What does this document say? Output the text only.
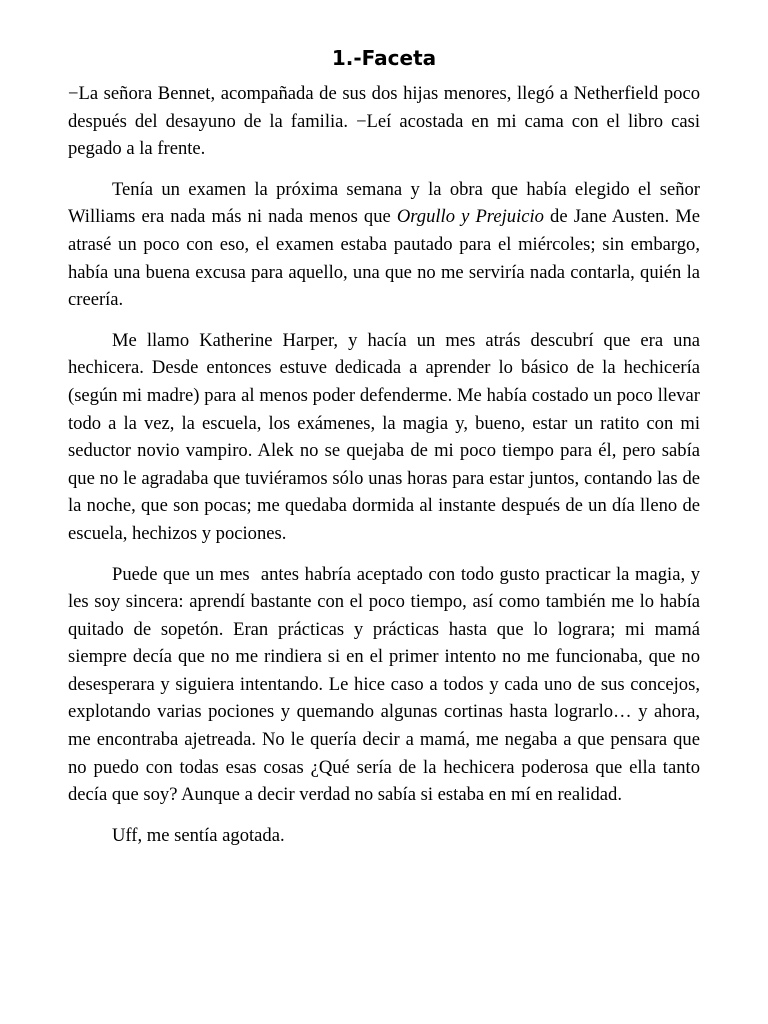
1.-Faceta

−La señora Bennet, acompañada de sus dos hijas menores, llegó a Netherfield poco después del desayuno de la familia. −Leí acostada en mi cama con el libro casi pegado a la frente.

Tenía un examen la próxima semana y la obra que había elegido el señor Williams era nada más ni nada menos que Orgullo y Prejuicio de Jane Austen. Me atrasé un poco con eso, el examen estaba pautado para el miércoles; sin embargo, había una buena excusa para aquello, una que no me serviría nada contarla, quién la creería.

Me llamo Katherine Harper, y hacía un mes atrás descubrí que era una hechicera. Desde entonces estuve dedicada a aprender lo básico de la hechicería (según mi madre) para al menos poder defenderme. Me había costado un poco llevar todo a la vez, la escuela, los exámenes, la magia y, bueno, estar un ratito con mi seductor novio vampiro. Alek no se quejaba de mi poco tiempo para él, pero sabía que no le agradaba que tuviéramos sólo unas horas para estar juntos, contando las de la noche, que son pocas; me quedaba dormida al instante después de un día lleno de escuela, hechizos y pociones.

Puede que un mes  antes habría aceptado con todo gusto practicar la magia, y les soy sincera: aprendí bastante con el poco tiempo, así como también me lo había quitado de sopetón. Eran prácticas y prácticas hasta que lo lograra; mi mamá siempre decía que no me rindiera si en el primer intento no me funcionaba, que no desesperara y siguiera intentando. Le hice caso a todos y cada uno de sus concejos, explotando varias pociones y quemando algunas cortinas hasta lograrlo… y ahora, me encontraba ajetreada. No le quería decir a mamá, me negaba a que pensara que no puedo con todas esas cosas ¿Qué sería de la hechicera poderosa que ella tanto decía que soy? Aunque a decir verdad no sabía si estaba en mí en realidad.

Uff, me sentía agotada.
